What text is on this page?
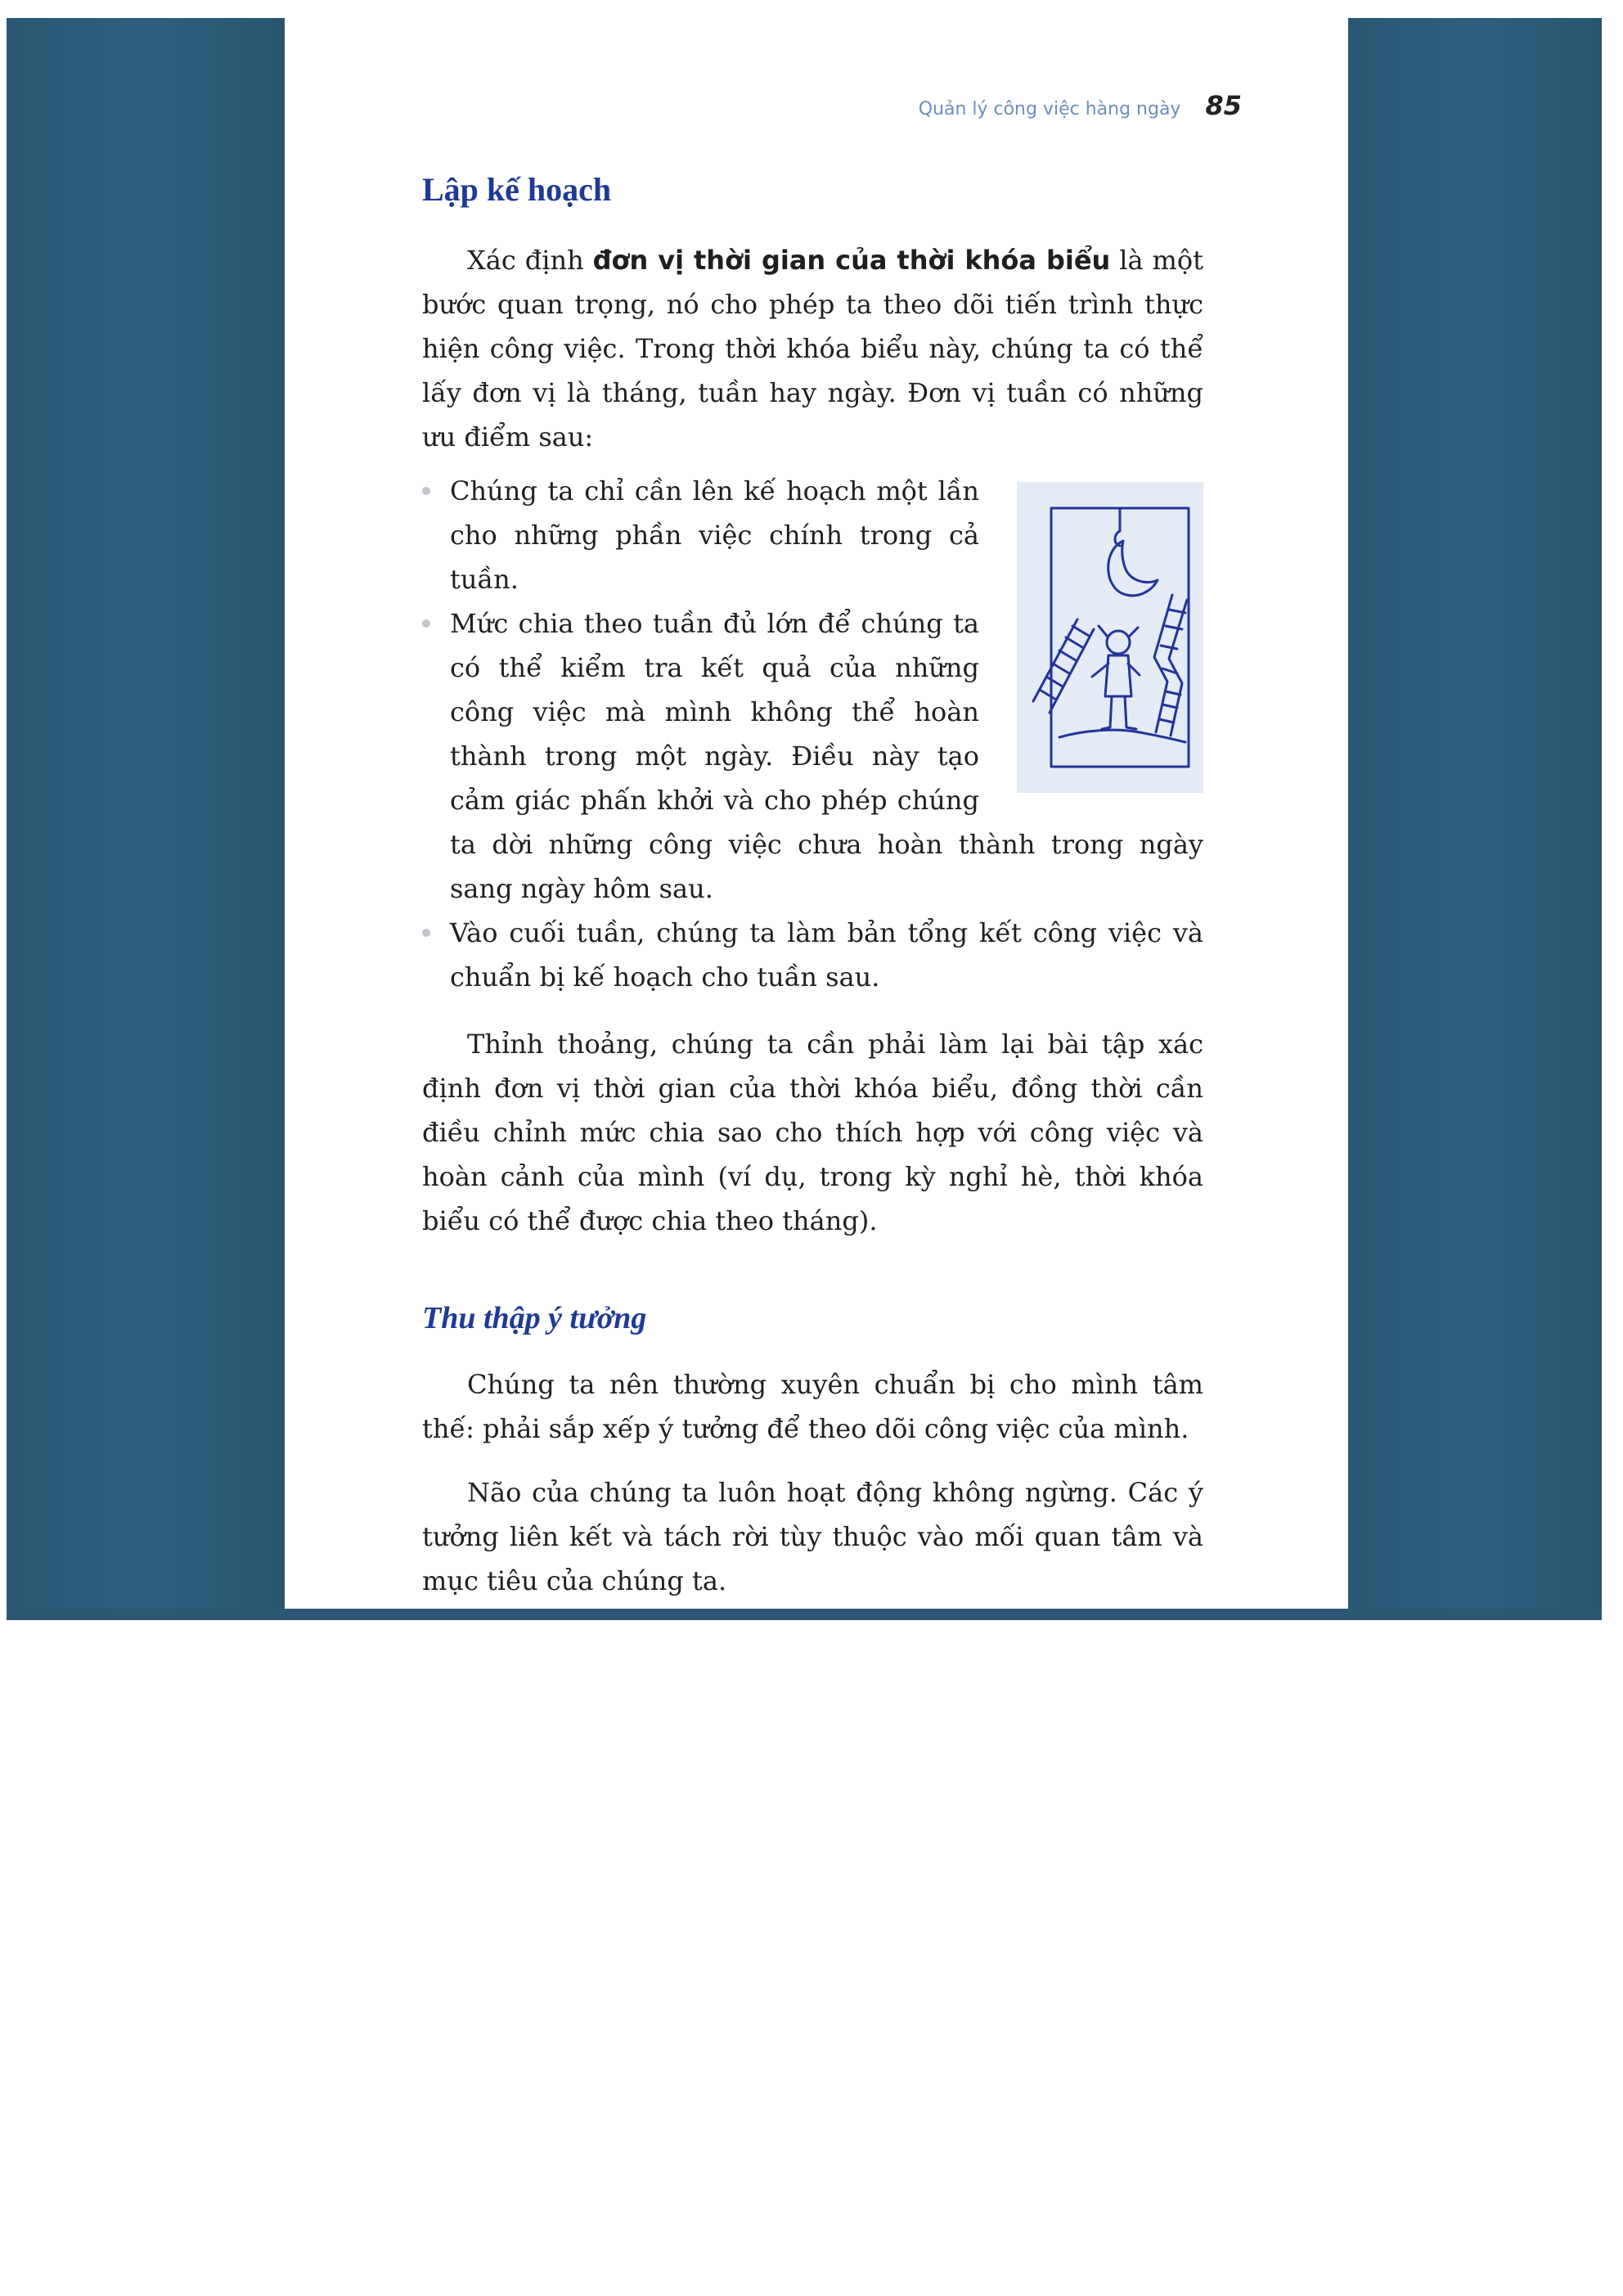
Quản lý công việc hàng ngày 85
Lập kế hoạch

Xác định đơn vị thời gian của thời khóa biểu là một bước quan trọng, nó cho phép ta theo dõi tiến trình thực hiện công việc. Trong thời khóa biểu này, chúng ta có thể lấy đơn vị là tháng, tuần hay ngày. Đơn vị tuần có những ưu điểm sau:

Chúng ta chỉ cần lên kế hoạch một lần cho những phần việc chính trong cả tuần.
Mức chia theo tuần đủ lớn để chúng ta có thể kiểm tra kết quả của những công việc mà mình không thể hoàn thành trong một ngày. Điều này tạo cảm giác phấn khởi và cho phép chúng ta dời những công việc chưa hoàn thành trong ngày sang ngày hôm sau.
Vào cuối tuần, chúng ta làm bản tổng kết công việc và chuẩn bị kế hoạch cho tuần sau.

Thỉnh thoảng, chúng ta cần phải làm lại bài tập xác định đơn vị thời gian của thời khóa biểu, đồng thời cần điều chỉnh mức chia sao cho thích hợp với công việc và hoàn cảnh của mình (ví dụ, trong kỳ nghỉ hè, thời khóa biểu có thể được chia theo tháng).

Thu thập ý tưởng

Chúng ta nên thường xuyên chuẩn bị cho mình tâm thế: phải sắp xếp ý tưởng để theo dõi công việc của mình.

Não của chúng ta luôn hoạt động không ngừng. Các ý tưởng liên kết và tách rời tùy thuộc vào mối quan tâm và mục tiêu của chúng ta.
